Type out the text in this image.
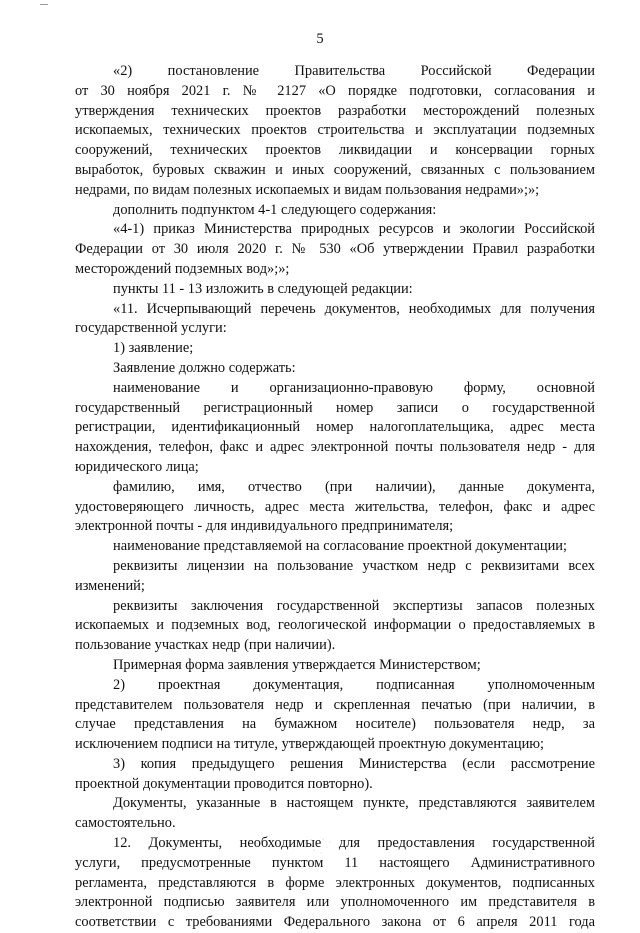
5
«2) постановление Правительства Российской Федерации
от 30 ноября 2021 г. № 2127 «О порядке подготовки, согласования и
утверждения технических проектов разработки месторождений полезных
ископаемых, технических проектов строительства и эксплуатации подземных
сооружений, технических проектов ликвидации и консервации горных
выработок, буровых скважин и иных сооружений, связанных с пользованием
недрами, по видам полезных ископаемых и видам пользования недрами»;»;
дополнить подпунктом 4-1 следующего содержания:
«4-1) приказ Министерства природных ресурсов и экологии Российской
Федерации от 30 июля 2020 г. № 530 «Об утверждении Правил разработки
месторождений подземных вод»;»;
пункты 11 - 13 изложить в следующей редакции:
«11. Исчерпывающий перечень документов, необходимых для получения
государственной услуги:
1) заявление;
Заявление должно содержать:
наименование и организационно-правовую форму, основной
государственный регистрационный номер записи о государственной
регистрации, идентификационный номер налогоплательщика, адрес места
нахождения, телефон, факс и адрес электронной почты пользователя недр - для
юридического лица;
фамилию, имя, отчество (при наличии), данные документа,
удостоверяющего личность, адрес места жительства, телефон, факс и адрес
электронной почты - для индивидуального предпринимателя;
наименование представляемой на согласование проектной документации;
реквизиты лицензии на пользование участком недр с реквизитами всех
изменений;
реквизиты заключения государственной экспертизы запасов полезных
ископаемых и подземных вод, геологической информации о предоставляемых в
пользование участках недр (при наличии).
Примерная форма заявления утверждается Министерством;
2) проектная документация, подписанная уполномоченным
представителем пользователя недр и скрепленная печатью (при наличии, в
случае представления на бумажном носителе) пользователя недр, за
исключением подписи на титуле, утверждающей проектную документацию;
3) копия предыдущего решения Министерства (если рассмотрение
проектной документации проводится повторно).
Документы, указанные в настоящем пункте, представляются заявителем
самостоятельно.
12. Документы, необходимые для предоставления государственной
услуги, предусмотренные пунктом 11 настоящего Административного
регламента, представляются в форме электронных документов, подписанных
электронной подписью заявителя или уполномоченного им представителя в
соответствии с требованиями Федерального закона от 6 апреля 2011 года
